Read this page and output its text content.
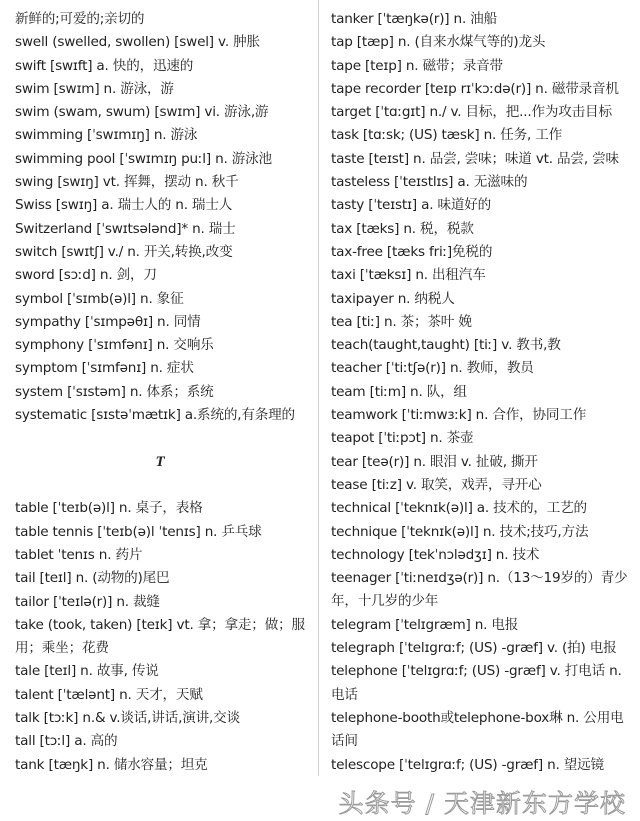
新鲜的;可爱的;亲切的

swell (swelled, swollen) [swel] v. 肿胀

swift [swɪft] a. 快的，迅速的

swim [swɪm] n. 游泳，游

swim (swam, swum) [swɪm] vi. 游泳,游

swimming [ˈswɪmɪŋ] n. 游泳

swimming pool [ˈswɪmɪŋ puːl] n. 游泳池

swing [swɪŋ] vt. 挥舞，摆动 n. 秋千

Swiss [swɪŋ] a. 瑞士人的 n. 瑞士人

Switzerland [ˈswɪtsələnd]* n. 瑞士

switch [swɪtʃ] v./ n. 开关,转换,改变

sword [sɔːd] n. 剑，刀

symbol [ˈsɪmb(ə)l] n. 象征

sympathy [ˈsɪmpəθɪ] n. 同情

symphony [ˈsɪmfənɪ] n. 交响乐

symptom [ˈsɪmfənɪ] n. 症状

system [ˈsɪstəm] n. 体系；系统

systematic [sɪstəˈmætɪk] a.系统的,有条理的

T

table [ˈteɪb(ə)l] n. 桌子，表格

table tennis [ˈteɪb(ə)l ˈtenɪs] n. 乒乓球

tablet ˈtenɪs n. 药片

tail [teɪl] n. (动物的)尾巴

tailor [ˈteɪlə(r)] n. 裁缝

take (took, taken) [teɪk] vt. 拿；拿走；做；服用；乘坐；花费

tale [teɪl] n. 故事, 传说

talent [ˈtælənt] n. 天才，天赋

talk [tɔːk] n.& v.谈话,讲话,演讲,交谈

tall [tɔːl] a. 高的

tank [tæŋk] n. 储水容量；坦克

tanker [ˈtæŋkə(r)] n. 油船

tap [tæp] n. (自来水煤气等的)龙头

tape [teɪp] n. 磁带；录音带

tape recorder [teɪp rɪˈkɔːdə(r)] n. 磁带录音机

target [ˈtɑːgɪt] n./ v. 目标，把...作为攻击目标

task [tɑːsk; (US) tæsk] n. 任务, 工作

taste [teɪst] n. 品尝, 尝味；味道 vt. 品尝, 尝味

tasteless [ˈteɪstlɪs] a. 无滋味的

tasty [ˈteɪstɪ] a. 味道好的

tax [tæks] n. 税，税款

tax-free [tæks friː]免税的

taxi [ˈtæksɪ] n. 出租汽车

taxipayer n. 纳税人

tea [tiː] n. 茶；茶叶 娩

teach(taught,taught) [tiː] v. 教书,教

teacher [ˈtiːtʃə(r)] n. 教师，教员

team [tiːm] n. 队，组

teamwork [ˈtiːmwɜːk] n. 合作，协同工作

teapot [ˈtiːpɔt] n. 茶壶

tear [teə(r)] n. 眼泪 v. 扯破, 撕开

tease [tiːz] v. 取笑，戏弄，寻开心

technical [ˈteknɪk(ə)l] a. 技术的，工艺的

technique [ˈteknɪk(ə)l] n. 技术;技巧,方法

technology [tekˈnɔlədʒɪ] n. 技术

teenager [ˈtiːneɪdʒə(r)] n.（13～19岁的）青少年，十几岁的少年

telegram [ˈtelɪgræm] n. 电报

telegraph [ˈtelɪgrɑːf; (US) -græf] v. (拍) 电报

telephone [ˈtelɪgrɑːf; (US) -græf] v. 打电话 n. 电话

telephone-booth或telephone-box琳 n. 公用电话间

telescope [ˈtelɪgrɑːf; (US) -græf] n. 望远镜

头条号 / 天津新东方学校
